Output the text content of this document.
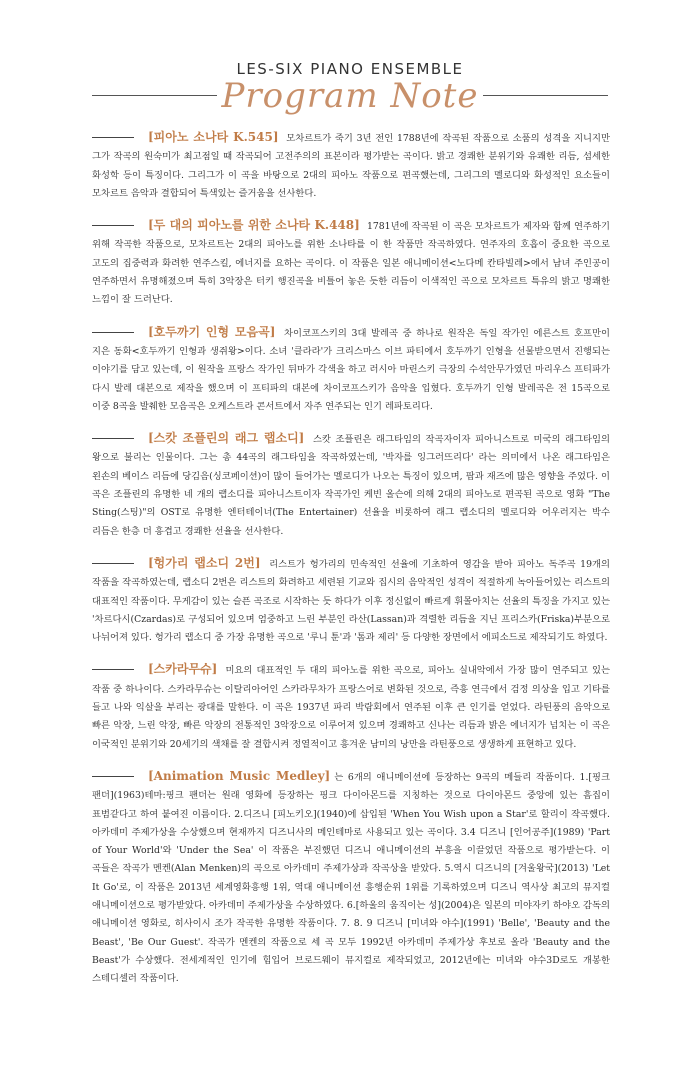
LES-SIX PIANO ENSEMBLE
Program Note
[피아노 소나타 K.545] 모차르트가 죽기 3년 전인 1788년에 작곡된 작품으로 소품의 성격을 지니지만 그가 작곡의 원숙미가 최고점일 때 작곡되어 고전주의의 표본이라 평가받는 곡이다. 밝고 경쾌한 분위기와 유쾌한 리듬, 섬세한 화성학 등이 특징이다. 그리그가 이 곡을 바탕으로 2대의 피아노 작품으로 편곡했는데, 그리그의 멜로디와 화성적인 요소들이 모차르트 음악과 결합되어 특색있는 즐거움을 선사한다.
[두 대의 피아노를 위한 소나타 K.448] 1781년에 작곡된 이 곡은 모차르트가 제자와 함께 연주하기 위해 작곡한 작품으로, 모차르트는 2대의 피아노를 위한 소나타를 이 한 작품만 작곡하였다. 연주자의 호흡이 중요한 곡으로 고도의 집중력과 화려한 연주스킬, 에너지를 요하는 곡이다. 이 작품은 일본 애니메이션<노다메 칸타빌레>에서 남녀 주인공이 연주하면서 유명해졌으며 특히 3악장은 터키 행진곡을 비틀어 놓은 듯한 리듬이 이색적인 곡으로 모차르트 특유의 밝고 명쾌한 느낌이 잘 드러난다.
[호두까기 인형 모음곡] 차이코프스키의 3대 발레곡 중 하나로 원작은 독일 작가인 에른스트 호프만이 지은 동화<호두까기 인형과 생쥐왕>이다. 소녀 '클라라'가 크리스마스 이브 파티에서 호두까기 인형을 선물받으면서 진행되는 이야기를 담고 있는데, 이 원작을 프랑스 작가인 뒤마가 각색을 하고 러시아 마린스키 극장의 수석안무가였던 마리우스 프티파가 다시 발레 대본으로 제작을 했으며 이 프티파의 대본에 차이코프스키가 음악을 입혔다. 호두까기 인형 발레곡은 전 15곡으로 이중 8곡을 발췌한 모음곡은 오케스트라 콘서트에서 자주 연주되는 인기 레파토리다.
[스캇 조플린의 래그 랩소디] 스캇 조플린은 래그타임의 작곡자이자 피아니스트로 미국의 래그타임의 왕으로 불리는 인물이다. 그는 총 44곡의 래그타임을 작곡하였는데, '박자를 잉그러뜨리다' 라는 의미에서 나온 래그타임은 왼손의 베이스 리듬에 당김음(싱코페이션)이 많이 들어가는 멜로디가 나오는 특징이 있으며, 팝과 재즈에 많은 영향을 주었다. 이 곡은 조플린의 유명한 네 개의 랩소디를 피아니스트이자 작곡가인 케빈 올슨에 의해 2대의 피아노로 편곡된 곡으로 영화 "The Sting(스팅)"의 OST로 유명한 엔터테이너(The Entertainer) 선율을 비롯하여 래그 랩소디의 멜로디와 어우러지는 박수 리듬은 한층 더 흥겹고 경쾌한 선율을 선사한다.
[헝가리 랩소디 2번] 리스트가 헝가리의 민속적인 선율에 기초하여 영감을 받아 피아노 독주곡 19개의 작품을 작곡하였는데, 랩소디 2번은 리스트의 화려하고 세련된 기교와 집시의 음악적인 성격이 적절하게 녹아들어있는 리스트의 대표적인 작품이다. 무게감이 있는 슬픈 곡조로 시작하는 듯 하다가 이후 정신없이 빠르게 휘몰아치는 선율의 특징을 가지고 있는 '차르다시(Czardas)로 구성되어 있으며 엄중하고 느린 부분인 라산(Lassan)과 격렬한 리듬을 지닌 프리스카(Friska)부분으로 나뉘어져 있다. 헝가리 랩소디 중 가장 유명한 곡으로 '루니 툰'과 '톰과 제리' 등 다양한 장면에서 에피소드로 제작되기도 하였다.
[스카라무슈] 미요의 대표적인 두 대의 피아노를 위한 곡으로, 피아노 실내악에서 가장 많이 연주되고 있는 작품 중 하나이다. 스카라무슈는 이탈리아어인 스카라무차가 프랑스어로 변화된 것으로, 즉흥 연극에서 검정 의상을 입고 기타를 들고 나와 익살을 부리는 광대를 말한다. 이 곡은 1937년 파리 박람회에서 연주된 이후 큰 인기를 얻었다. 라틴풍의 음악으로 빠른 악장, 느린 악장, 빠른 악장의 전통적인 3악장으로 이루어져 있으며 경쾌하고 신나는 리듬과 밝은 에너지가 넘치는 이 곡은 이국적인 분위기와 20세기의 색채를 잘 결합시켜 정열적이고 흥겨운 남미의 낭만을 라틴풍으로 생생하게 표현하고 있다.
[Animation Music Medley] 는 6개의 애니메이션에 등장하는 9곡의 메들리 작품이다. 1.[핑크 팬더](1963)테마:핑크 팬더는 원래 영화에 등장하는 핑크 다이아몬드를 지칭하는 것으로 다이아몬드 중앙에 있는 흠집이 표범같다고 하여 붙여진 이름이다. 2.디즈니 [피노키오](1940)에 삽입된 'When You Wish upon a Star'로 할리이 작곡했다. 아카데미 주제가상을 수상했으며 현재까지 디즈니사의 메인테마로 사용되고 있는 곡이다. 3.4 디즈니 [인어공주](1989) 'Part of Your World'와 'Under the Sea' 이 작품은 부진했던 디즈니 애니메이션의 부흥을 이끌었던 작품으로 평가받는다. 이 곡들은 작곡가 멘켄(Alan Menken)의 곡으로 아카데미 주제가상과 작곡상을 받았다. 5.역시 디즈니의 [겨울왕국](2013) 'Let It Go'로, 이 작품은 2013년 세계영화흥행 1위, 역대 애니메이션 흥행순위 1위를 기록하였으며 디즈니 역사상 최고의 뮤지컬 애니메이션으로 평가받았다. 아카데미 주제가상을 수상하였다. 6.[하울의 움직이는 성](2004)은 일본의 미야자키 하야오 감독의 애니메이션 영화로, 히사이시 조가 작곡한 유명한 작품이다. 7. 8. 9 디즈니 [미녀와 야수](1991) 'Belle', 'Beauty and the Beast', 'Be Our Guest'. 작곡가 멘켄의 작품으로 세 곡 모두 1992년 아카데미 주제가상 후보로 올라 'Beauty and the Beast'가 수상했다. 전세계적인 인기에 힘입어 브로드웨이 뮤지컬로 제작되었고, 2012년에는 미녀와 야수3D로도 개봉한 스테디셀러 작품이다.
